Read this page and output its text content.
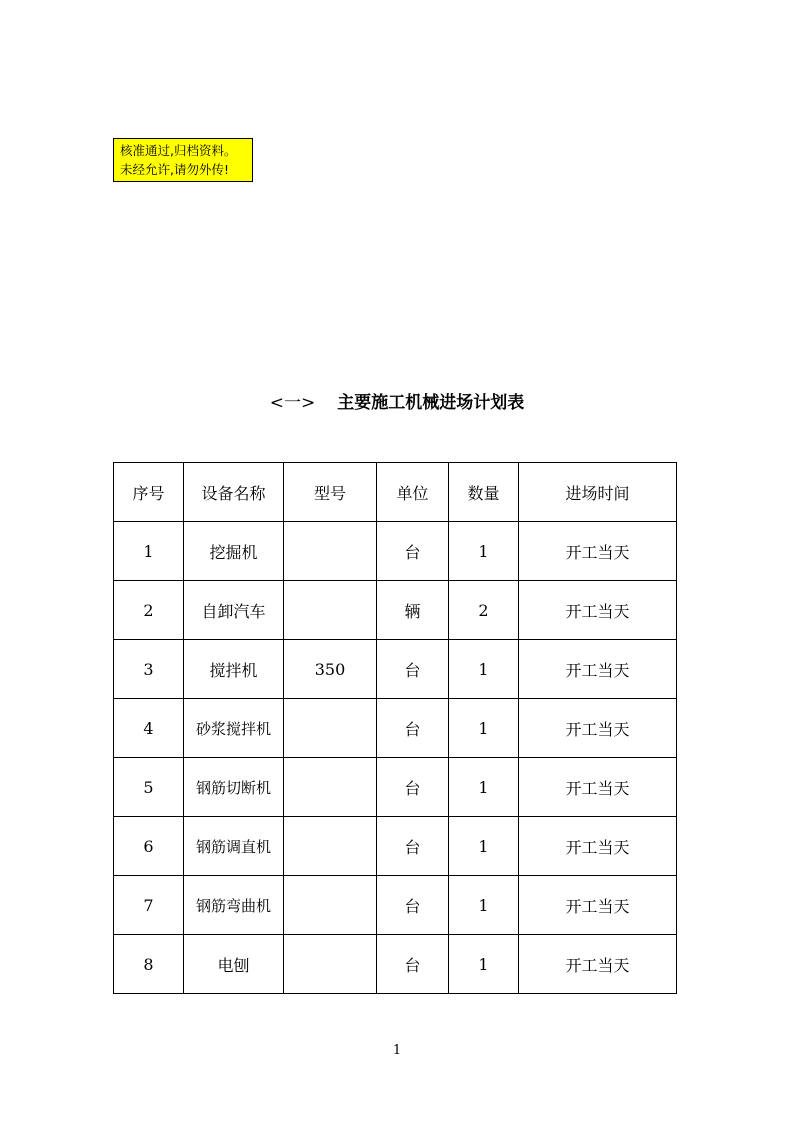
核准通过,归档资料。
未经允许,请勿外传!
<一> 主要施工机械进场计划表
序号	设备名称	型号	单位	数量	进场时间
1	挖掘机		台	1	开工当天
2	自卸汽车		辆	2	开工当天
3	搅拌机	350	台	1	开工当天
4	砂浆搅拌机		台	1	开工当天
5	钢筋切断机		台	1	开工当天
6	钢筋调直机		台	1	开工当天
7	钢筋弯曲机		台	1	开工当天
8	电刨		台	1	开工当天
1
